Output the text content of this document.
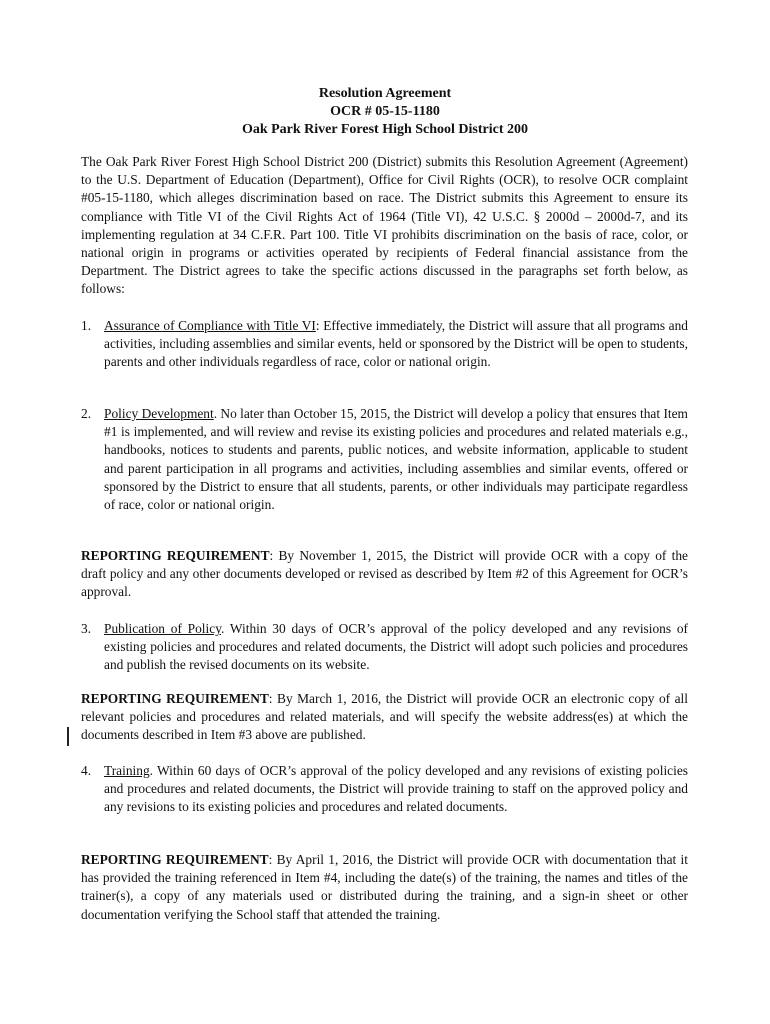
Resolution Agreement
OCR # 05-15-1180
Oak Park River Forest High School District 200
The Oak Park River Forest High School District 200 (District) submits this Resolution Agreement (Agreement) to the U.S. Department of Education (Department), Office for Civil Rights (OCR), to resolve OCR complaint #05-15-1180, which alleges discrimination based on race. The District submits this Agreement to ensure its compliance with Title VI of the Civil Rights Act of 1964 (Title VI), 42 U.S.C. § 2000d – 2000d-7, and its implementing regulation at 34 C.F.R. Part 100. Title VI prohibits discrimination on the basis of race, color, or national origin in programs or activities operated by recipients of Federal financial assistance from the Department. The District agrees to take the specific actions discussed in the paragraphs set forth below, as follows:
1. Assurance of Compliance with Title VI: Effective immediately, the District will assure that all programs and activities, including assemblies and similar events, held or sponsored by the District will be open to students, parents and other individuals regardless of race, color or national origin.
2. Policy Development. No later than October 15, 2015, the District will develop a policy that ensures that Item #1 is implemented, and will review and revise its existing policies and procedures and related materials e.g., handbooks, notices to students and parents, public notices, and website information, applicable to student and parent participation in all programs and activities, including assemblies and similar events, offered or sponsored by the District to ensure that all students, parents, or other individuals may participate regardless of race, color or national origin.
REPORTING REQUIREMENT: By November 1, 2015, the District will provide OCR with a copy of the draft policy and any other documents developed or revised as described by Item #2 of this Agreement for OCR’s approval.
3. Publication of Policy. Within 30 days of OCR’s approval of the policy developed and any revisions of existing policies and procedures and related documents, the District will adopt such policies and procedures and publish the revised documents on its website.
REPORTING REQUIREMENT: By March 1, 2016, the District will provide OCR an electronic copy of all relevant policies and procedures and related materials, and will specify the website address(es) at which the documents described in Item #3 above are published.
4. Training. Within 60 days of OCR’s approval of the policy developed and any revisions of existing policies and procedures and related documents, the District will provide training to staff on the approved policy and any revisions to its existing policies and procedures and related documents.
REPORTING REQUIREMENT: By April 1, 2016, the District will provide OCR with documentation that it has provided the training referenced in Item #4, including the date(s) of the training, the names and titles of the trainer(s), a copy of any materials used or distributed during the training, and a sign-in sheet or other documentation verifying the School staff that attended the training.
